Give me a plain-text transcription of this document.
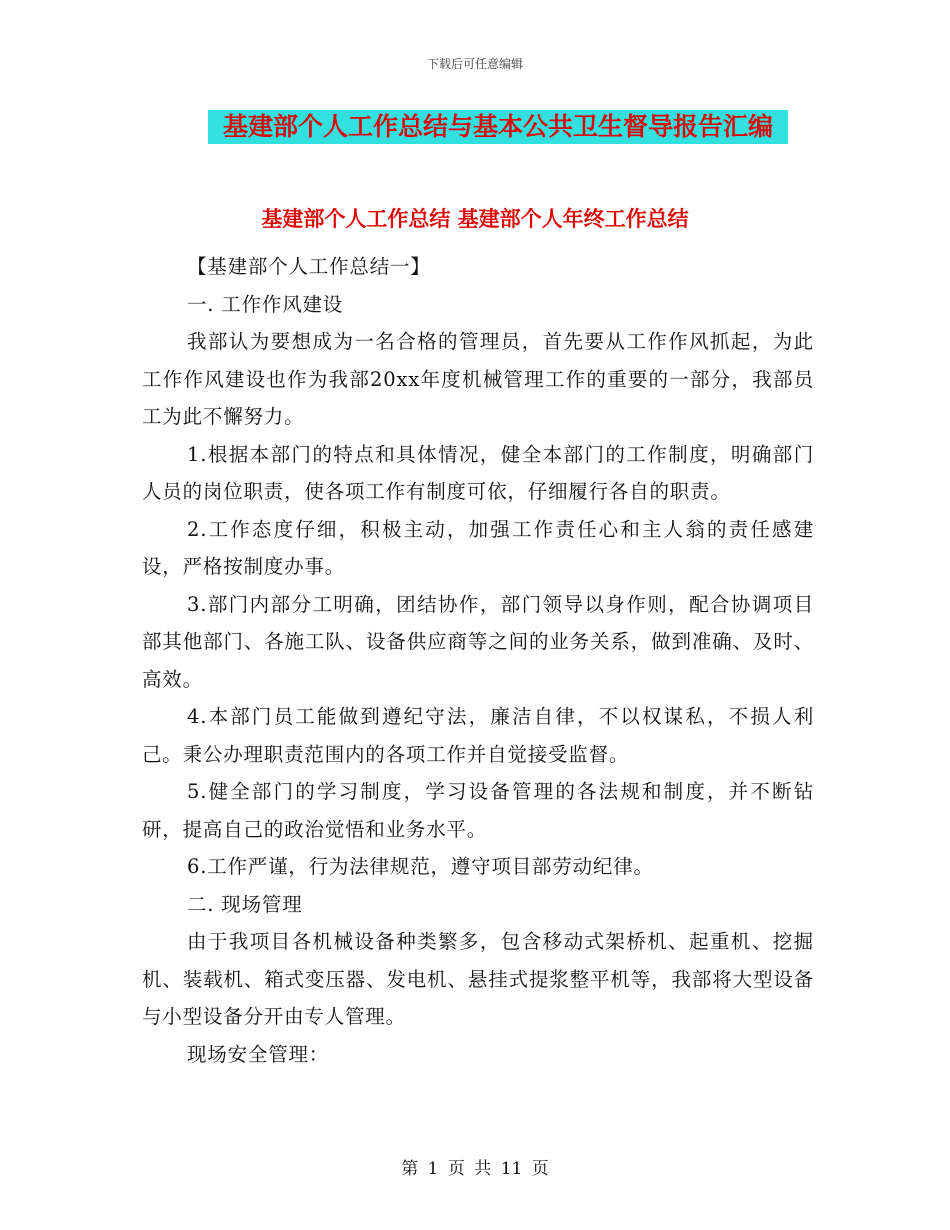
下载后可任意编辑
基建部个人工作总结与基本公共卫生督导报告汇编
基建部个人工作总结 基建部个人年终工作总结

【基建部个人工作总结一】

一. 工作作风建设

我部认为要想成为一名合格的管理员，首先要从工作作风抓起，为此工作作风建设也作为我部20xx年度机械管理工作的重要的一部分，我部员工为此不懈努力。

1.根据本部门的特点和具体情况，健全本部门的工作制度，明确部门人员的岗位职责，使各项工作有制度可依，仔细履行各自的职责。

2.工作态度仔细，积极主动，加强工作责任心和主人翁的责任感建设，严格按制度办事。

3.部门内部分工明确，团结协作，部门领导以身作则，配合协调项目部其他部门、各施工队、设备供应商等之间的业务关系，做到准确、及时、高效。

4.本部门员工能做到遵纪守法，廉洁自律，不以权谋私，不损人利己。秉公办理职责范围内的各项工作并自觉接受监督。

5.健全部门的学习制度，学习设备管理的各法规和制度，并不断钻研，提高自己的政治觉悟和业务水平。

6.工作严谨，行为法律规范，遵守项目部劳动纪律。

二. 现场管理

由于我项目各机械设备种类繁多，包含移动式架桥机、起重机、挖掘机、装载机、箱式变压器、发电机、悬挂式提浆整平机等，我部将大型设备与小型设备分开由专人管理。

现场安全管理：

第 1 页 共 11 页
